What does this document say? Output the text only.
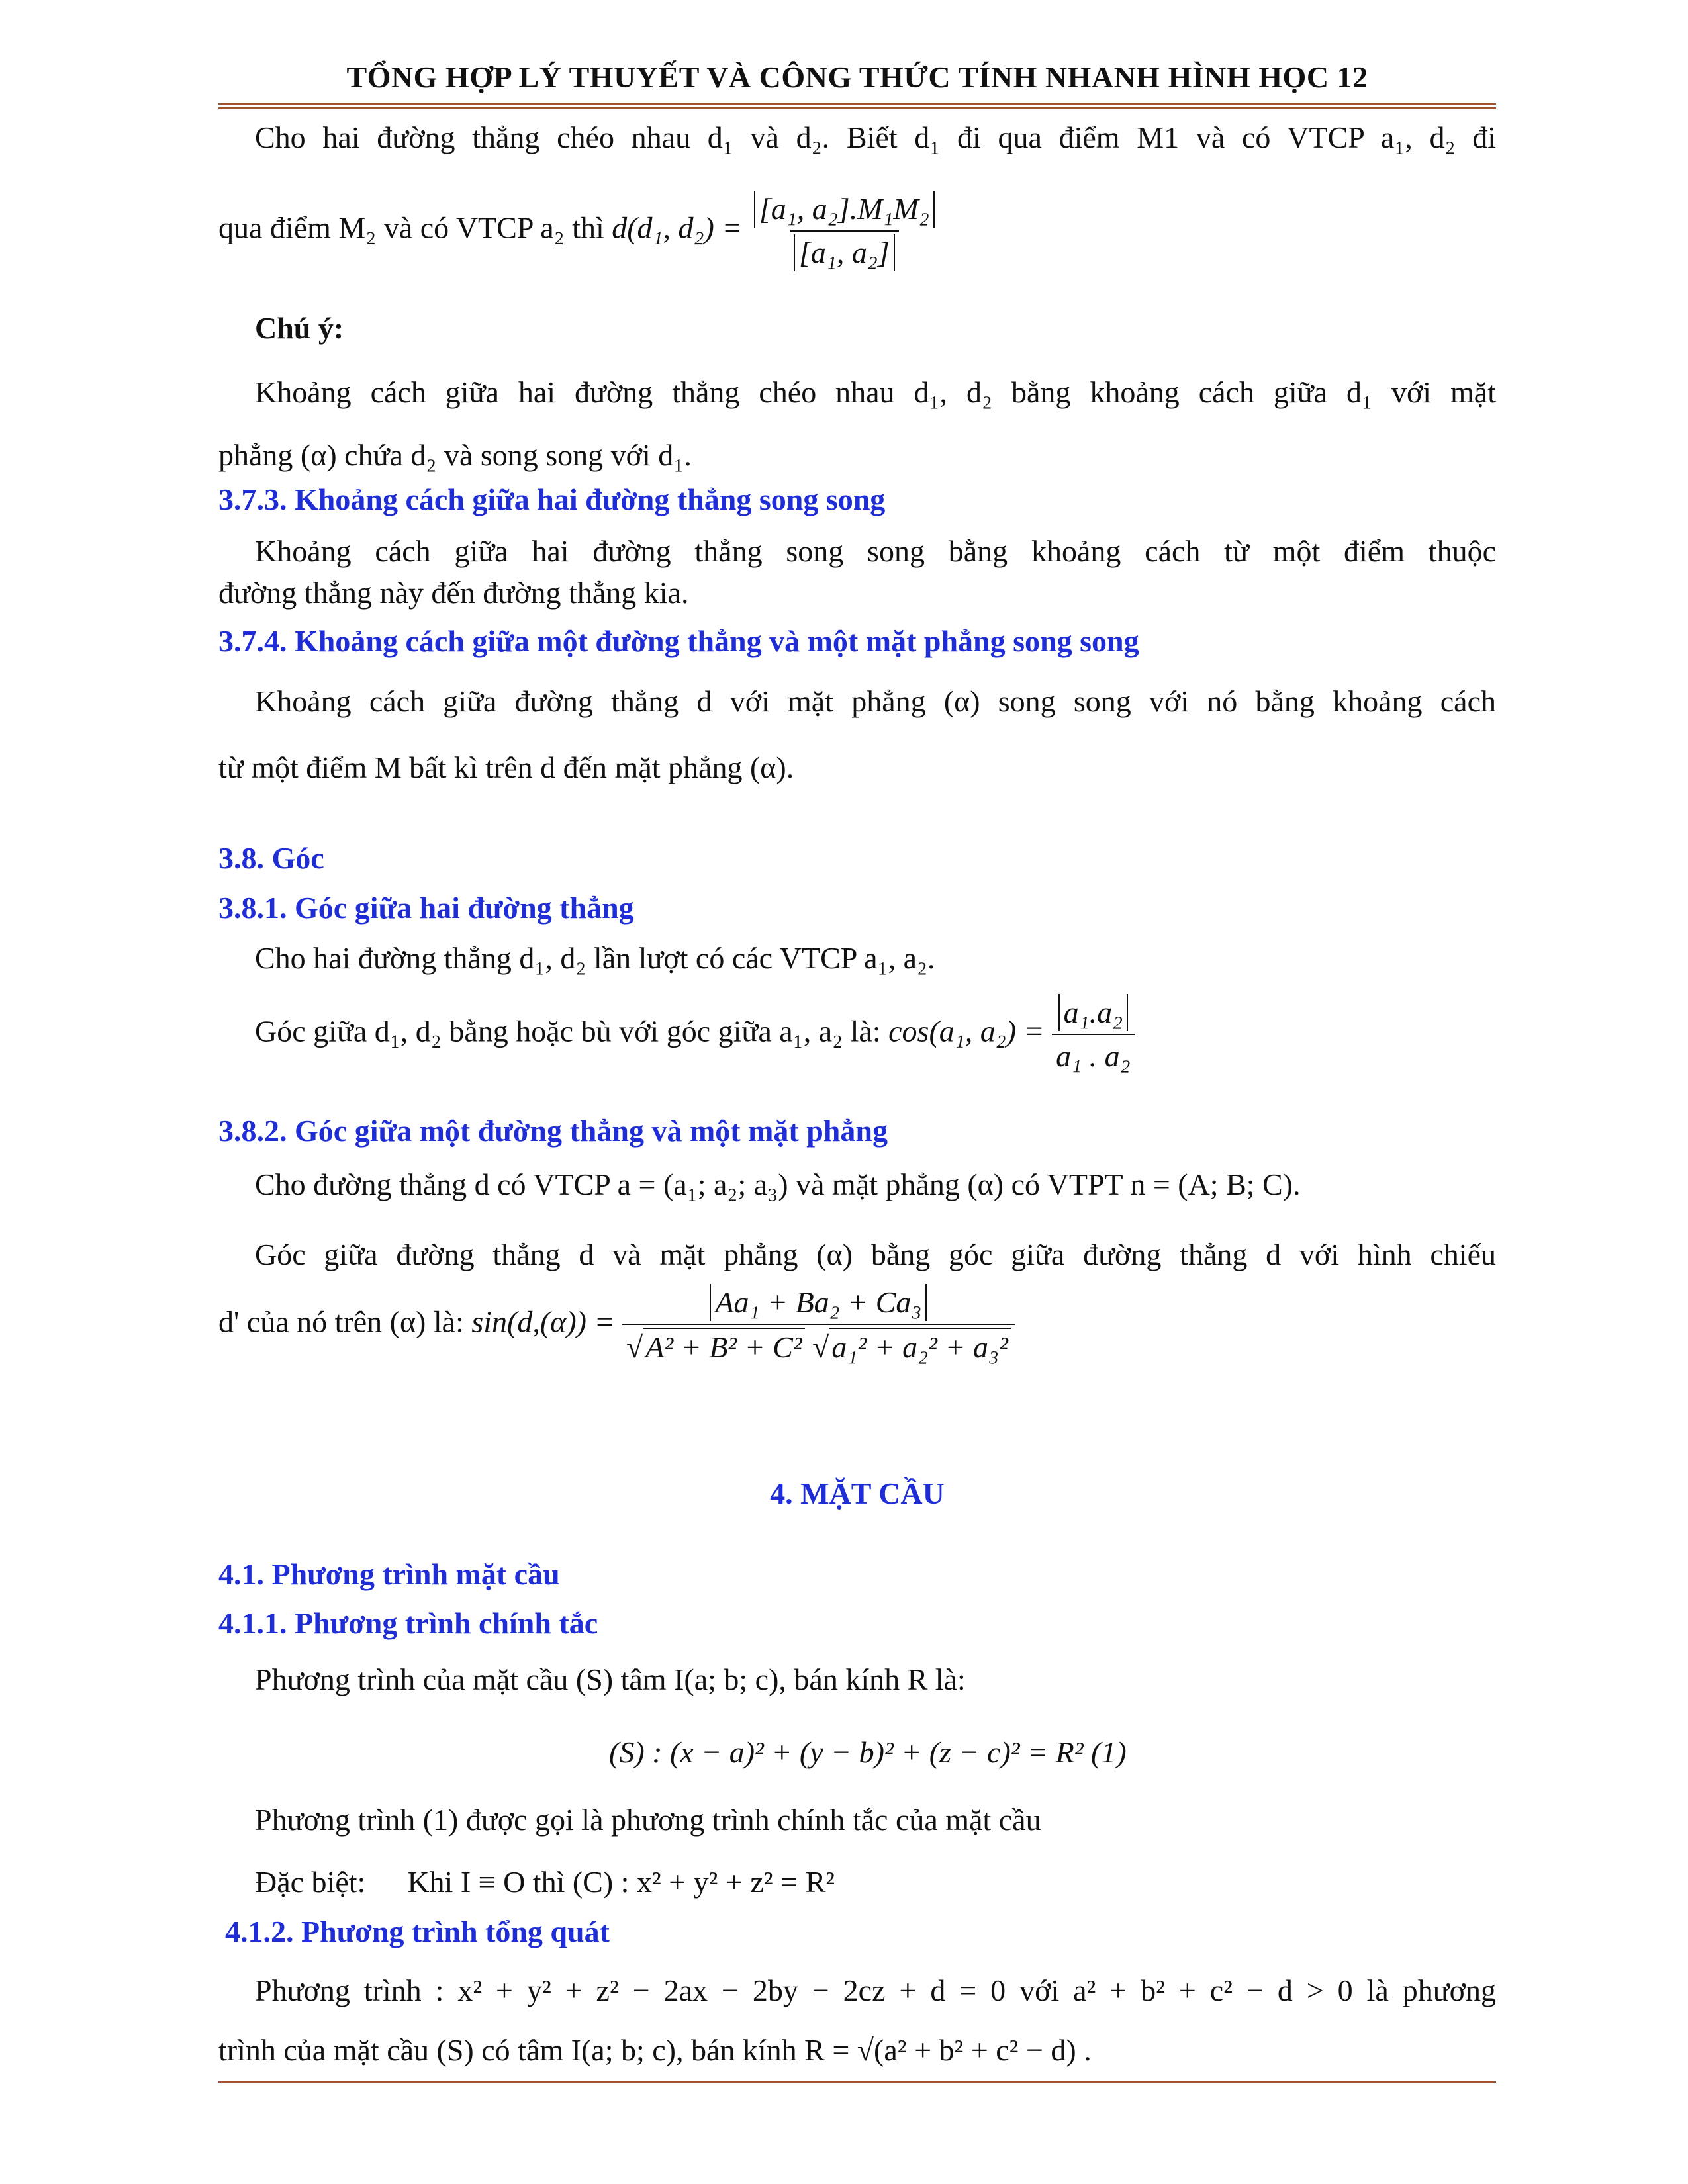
TỔNG HỢP LÝ THUYẾT VÀ CÔNG THỨC TÍNH NHANH HÌNH HỌC 12
Cho hai đường thẳng chéo nhau d₁ và d₂. Biết d₁ đi qua điểm M1 và có VTCP a₁, d₂ đi
qua điểm M₂ và có VTCP a₂ thì d(d₁, $d_2) = \frac{\text{[a₁, a₂].M₁M₂}}{\text{[a₁, a₂]}}$
Chú ý:
Khoảng cách giữa hai đường thẳng chéo nhau d₁, d₂ bằng khoảng cách giữa d₁ với mặt
phẳng (α) chứa d₂ và song song với d₁.
3.7.3. Khoảng cách giữa hai đường thẳng song song
Khoảng cách giữa hai đường thẳng song song bằng khoảng cách từ một điểm thuộc
đường thẳng này đến đường thẳng kia.
3.7.4. Khoảng cách giữa một đường thẳng và một mặt phẳng song song
Khoảng cách giữa đường thẳng d với mặt phẳng (α) song song với nó bằng khoảng cách
từ một điểm M bất kì trên d đến mặt phẳng (α).
3.8. Góc
3.8.1. Góc giữa hai đường thẳng
Cho hai đường thẳng d₁, d₂ lần lượt có các VTCP a₁, a₂.
Góc giữa d₁, d₂ bằng hoặc bù với góc giữa a₁, a₂ là: cos(a₁, $a_2) = \frac{\text{a₁.a₂}}{\text{a₁ . a₂}}$
3.8.2. Góc giữa một đường thẳng và một mặt phẳng
Cho đường thẳng d có VTCP a = (a₁; a₂; a₃) và mặt phẳng (α) có VTPT n = (A; B; C).
Góc giữa đường thẳng d và mặt phẳng (α) bằng góc giữa đường thẳng d với hình chiếu
d' của nó trên (α) là: $\sin(d,(\alpha)) = \frac{\text{Aa₁ + Ba₂ + Ca₃}}{\text{√A² + B² + C² √a₁² + a₂² + a₃²}}$
4. MẶT CẦU
4.1. Phương trình mặt cầu
4.1.1. Phương trình chính tắc
Phương trình của mặt cầu (S) tâm I(a; b; c), bán kính R là:
(S) : (x − a)² + (y − b)² + (z − c)² = R² (1)
Phương trình (1) được gọi là phương trình chính tắc của mặt cầu
Đặc biệt: Khi I ≡ O thì (C) : x² + y² + z² = R²
4.1.2. Phương trình tổng quát
Phương trình : x² + y² + z² − 2ax − 2by − 2cz + d = 0 với a² + b² + c² − d > 0 là phương
trình của mặt cầu (S) có tâm I(a; b; c), bán kính R = √(a² + b² + c² − d) .
